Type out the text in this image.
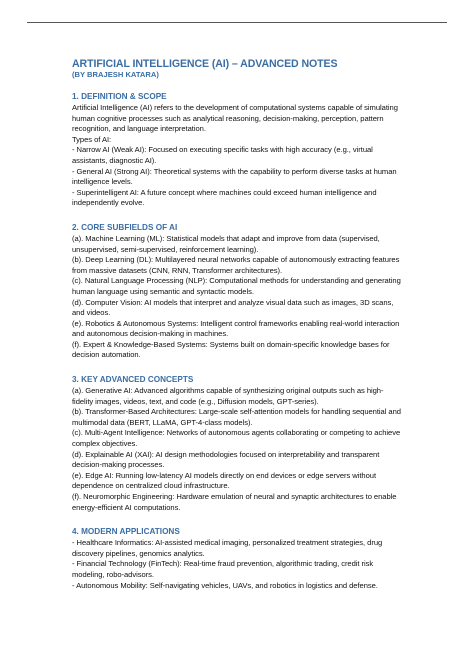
ARTIFICIAL INTELLIGENCE (AI) – ADVANCED NOTES
(BY BRAJESH KATARA)
1. DEFINITION & SCOPE
Artificial Intelligence (AI) refers to the development of computational systems capable of simulating human cognitive processes such as analytical reasoning, decision-making, perception, pattern recognition, and language interpretation.
Types of AI:
- Narrow AI (Weak AI): Focused on executing specific tasks with high accuracy (e.g., virtual assistants, diagnostic AI).
- General AI (Strong AI): Theoretical systems with the capability to perform diverse tasks at human intelligence levels.
- Superintelligent AI: A future concept where machines could exceed human intelligence and independently evolve.
2. CORE SUBFIELDS OF AI
(a). Machine Learning (ML): Statistical models that adapt and improve from data (supervised, unsupervised, semi-supervised, reinforcement learning).
(b). Deep Learning (DL): Multilayered neural networks capable of autonomously extracting features from massive datasets (CNN, RNN, Transformer architectures).
(c). Natural Language Processing (NLP): Computational methods for understanding and generating human language using semantic and syntactic models.
(d). Computer Vision: AI models that interpret and analyze visual data such as images, 3D scans, and videos.
(e). Robotics & Autonomous Systems: Intelligent control frameworks enabling real-world interaction and autonomous decision-making in machines.
(f). Expert & Knowledge-Based Systems: Systems built on domain-specific knowledge bases for decision automation.
3. KEY ADVANCED CONCEPTS
(a). Generative AI: Advanced algorithms capable of synthesizing original outputs such as high-fidelity images, videos, text, and code (e.g., Diffusion models, GPT-series).
(b). Transformer-Based Architectures: Large-scale self-attention models for handling sequential and multimodal data (BERT, LLaMA, GPT-4-class models).
(c). Multi-Agent Intelligence: Networks of autonomous agents collaborating or competing to achieve complex objectives.
(d). Explainable AI (XAI): AI design methodologies focused on interpretability and transparent decision-making processes.
(e). Edge AI: Running low-latency AI models directly on end devices or edge servers without dependence on centralized cloud infrastructure.
(f). Neuromorphic Engineering: Hardware emulation of neural and synaptic architectures to enable energy-efficient AI computations.
4. MODERN APPLICATIONS
- Healthcare Informatics: AI-assisted medical imaging, personalized treatment strategies, drug discovery pipelines, genomics analytics.
- Financial Technology (FinTech): Real-time fraud prevention, algorithmic trading, credit risk modeling, robo-advisors.
- Autonomous Mobility: Self-navigating vehicles, UAVs, and robotics in logistics and defense.
